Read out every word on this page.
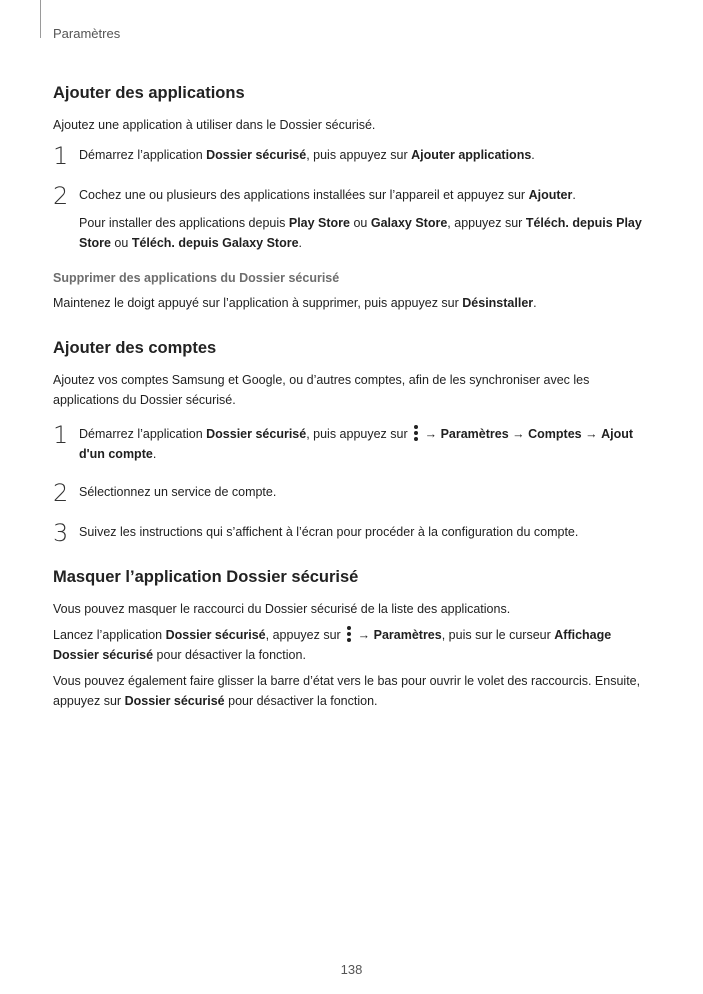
Paramètres
Ajouter des applications

Ajoutez une application à utiliser dans le Dossier sécurisé.

1 Démarrez l’application Dossier sécurisé, puis appuyez sur Ajouter applications.

2 Cochez une ou plusieurs des applications installées sur l’appareil et appuyez sur Ajouter.

Pour installer des applications depuis Play Store ou Galaxy Store, appuyez sur Téléch. depuis Play Store ou Téléch. depuis Galaxy Store.

Supprimer des applications du Dossier sécurisé

Maintenez le doigt appuyé sur l’application à supprimer, puis appuyez sur Désinstaller.

Ajouter des comptes

Ajoutez vos comptes Samsung et Google, ou d’autres comptes, afin de les synchroniser avec les applications du Dossier sécurisé.

1 Démarrez l’application Dossier sécurisé, puis appuyez sur
→ Paramètres → Comptes → Ajout d'un compte.

2 Sélectionnez un service de compte.

3 Suivez les instructions qui s’affichent à l’écran pour procéder à la configuration du compte.

Masquer l’application Dossier sécurisé

Vous pouvez masquer le raccourci du Dossier sécurisé de la liste des applications.

Lancez l’application Dossier sécurisé, appuyez sur
→ Paramètres, puis sur le curseur Affichage Dossier sécurisé pour désactiver la fonction.

Vous pouvez également faire glisser la barre d’état vers le bas pour ouvrir le volet des raccourcis. Ensuite, appuyez sur Dossier sécurisé pour désactiver la fonction.

138
